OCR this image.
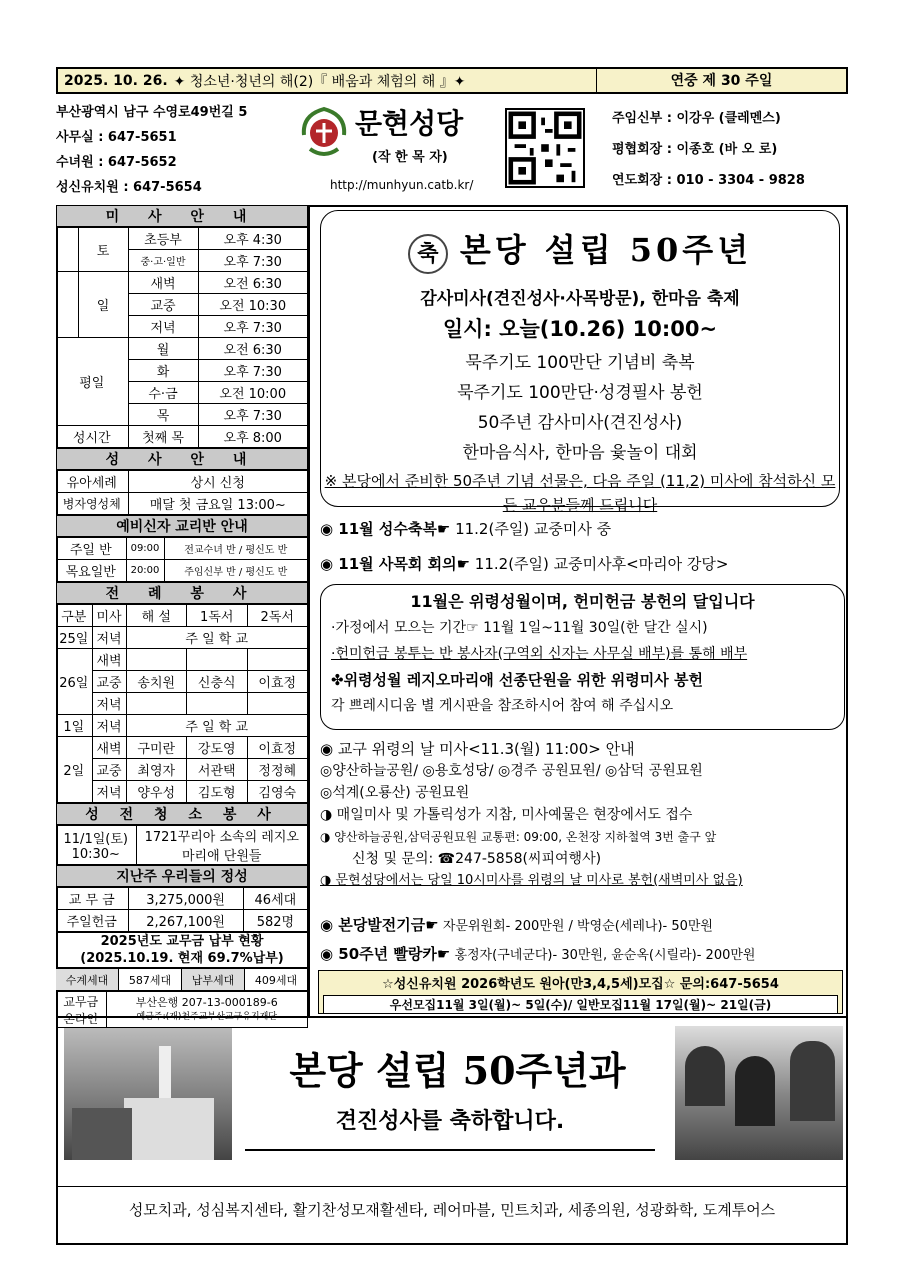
2025. 10. 26. ✦ 청소년·청년의 해(2)『 배움과 체험의 해 』✦	연중 제 30 주일
부산광역시 남구 수영로49번길 5
사무실 : 647-5651
수녀원 : 647-5652
성신유치원 : 647-5654
문현성당
(작 한 목 자)
http://munhyun.catb.kr/
주임신부 : 이강우 (클레멘스)
평협회장 : 이종호 (바 오 로)
연도회장 : 010 - 3304 - 9828
미 사 안 내
	토	초등부	오후 4:30
		중·고·일반	오후 7:30
	일	새벽	오전 6:30
		교중	오전 10:30
		저녁	오후 7:30
평일		월	오전 6:30
		화	오후 7:30
		수·금	오전 10:00
		목	오후 7:30
성시간		첫째 목	오후 8:00
성 사 안 내
유아세례	상시 신청
병자영성체	매달 첫 금요일 13:00~
예비신자 교리반 안내
주일 반	09:00	전교수녀 반 / 평신도 반
목요일반	20:00	주임신부 반 / 평신도 반
전 례 봉 사
구분	미사	해 설	1독서	2독서
25일	저녁	주 일 학 교		
26일	새벽			
	교중	송치원	신충식	이효정
	저녁			
1일	저녁	주 일 학 교		
2일	새벽	구미란	강도영	이효정
	교중	최영자	서관택	정정혜
	저녁	양우성	김도형	김영숙
성 전 청 소 봉 사
11/1일(토) 10:30~	1721꾸리아 소속의 레지오마리애 단원들
지난주 우리들의 정성
교 무 금	3,275,000원	46세대
주일헌금	2,267,100원	582명
2025년도 교무금 납부 현황
(2025.10.19. 현재 69.7%납부)
수계세대	587세대	납부세대	409세대
교무금 온라인	
부산은행 207-13-000189-6
예금주:(재)천주교부산교구유지재단
축 본당 설립 50주년
감사미사(견진성사·사목방문), 한마음 축제
일시: 오늘(10.26) 10:00~
묵주기도 100만단 기념비 축복
묵주기도 100만단·성경필사 봉헌
50주년 감사미사(견진성사)
한마음식사, 한마음 윷놀이 대회
※ 본당에서 준비한 50주년 기념 선물은, 다음 주일 (11,2) 미사에 참석하신 모든 교우분들께 드립니다
◉ 11월 성수축복☛ 11.2(주일) 교중미사 중
◉ 11월 사목회 회의☛ 11.2(주일) 교중미사후<마리아 강당>
11월은 위령성월이며, 헌미헌금 봉헌의 달입니다
·가정에서 모으는 기간☞ 11월 1일~11월 30일(한 달간 실시)
·헌미헌금 봉투는 반 봉사자(구역외 신자는 사무실 배부)를 통해 배부
✤위령성월 레지오마리애 선종단원을 위한 위령미사 봉헌
각 쁘레시디움 별 게시판을 참조하시어 참여 해 주십시오
◉ 교구 위령의 날 미사<11.3(월) 11:00> 안내
◎양산하늘공원/ ◎용호성당/ ◎경주 공원묘원/ ◎삼덕 공원묘원
◎석계(오룡산) 공원묘원
◑ 매일미사 및 가톨릭성가 지참, 미사예물은 현장에서도 접수
◑ 양산하늘공원,삼덕공원묘원 교통편: 09:00, 온천장 지하철역 3번 출구 앞
신청 및 문의: ☎247-5858(씨피여행사)
◑ 문현성당에서는 당일 10시미사를 위령의 날 미사로 봉헌(새벽미사 없음)
◉ 본당발전기금☛ 자문위원회- 200만원 / 박영순(세레나)- 50만원
◉ 50주년 빨랑카☛ 홍정자(구네군다)- 30만원, 윤순옥(시릴라)- 200만원
☆성신유치원 2026학년도 원아(만3,4,5세)모집☆ 문의:647-5654
우선모집11월 3일(월)~ 5일(수)/ 일반모집11월 17일(월)~ 21일(금)
본당 설립 50주년과
견진성사를 축하합니다.
성모치과, 성심복지센타, 활기찬성모재활센타, 레어마블, 민트치과, 세종의원, 성광화학, 도계투어스
